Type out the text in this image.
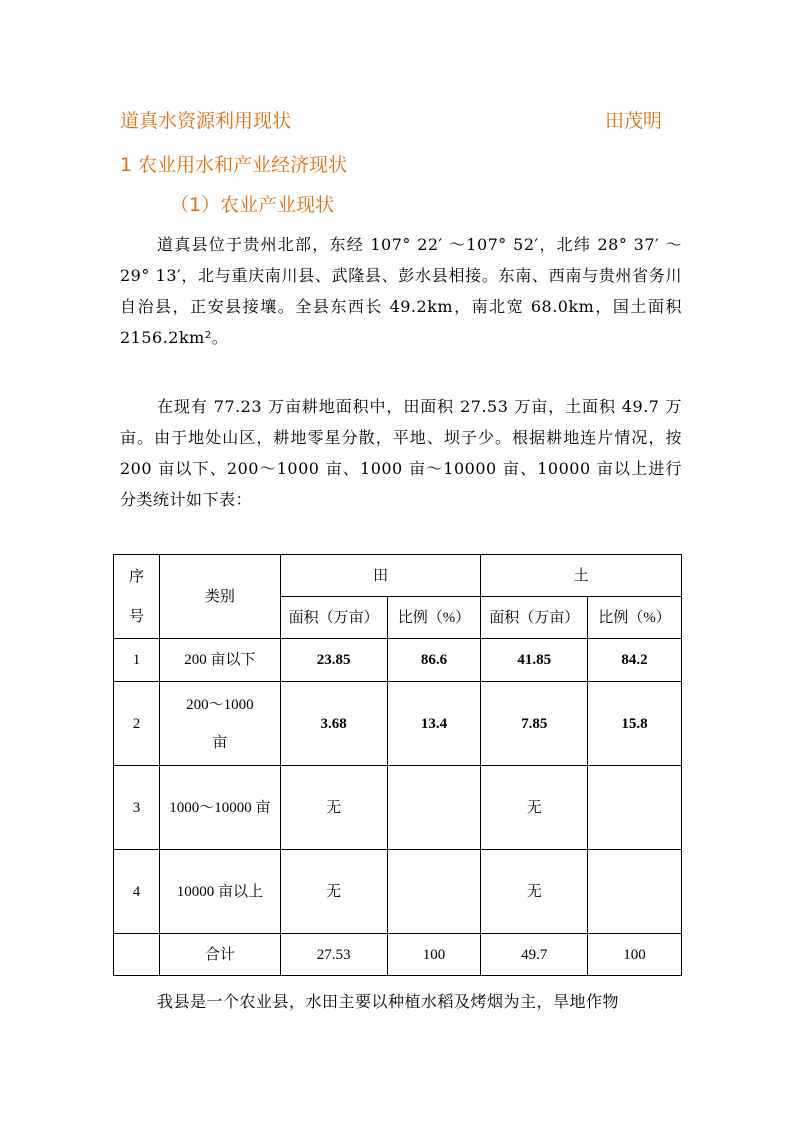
道真水资源利用现状	田茂明
1 农业用水和产业经济现状
（1）农业产业现状
道真县位于贵州北部，东经 107° 22′ ～107° 52′，北纬 28° 37′ ～29° 13′，北与重庆南川县、武隆县、彭水县相接。东南、西南与贵州省务川自治县，正安县接壤。全县东西长 49.2km，南北宽 68.0km，国土面积 2156.2km²。
在现有 77.23 万亩耕地面积中，田面积 27.53 万亩，土面积 49.7 万亩。由于地处山区，耕地零星分散，平地、坝子少。根据耕地连片情况，按 200 亩以下、200～1000 亩、1000 亩～10000 亩、10000 亩以上进行分类统计如下表：
序号	类别	田		土	
		面积（万亩）	比例（%）	面积（万亩）	比例（%）
1	200 亩以下	23.85	86.6	41.85	84.2
2	200～1000 亩	3.68	13.4	7.85	15.8
3	1000～10000 亩	无		无	
4	10000 亩以上	无		无	
	合计	27.53	100	49.7	100
我县是一个农业县，水田主要以种植水稻及烤烟为主，旱地作物
